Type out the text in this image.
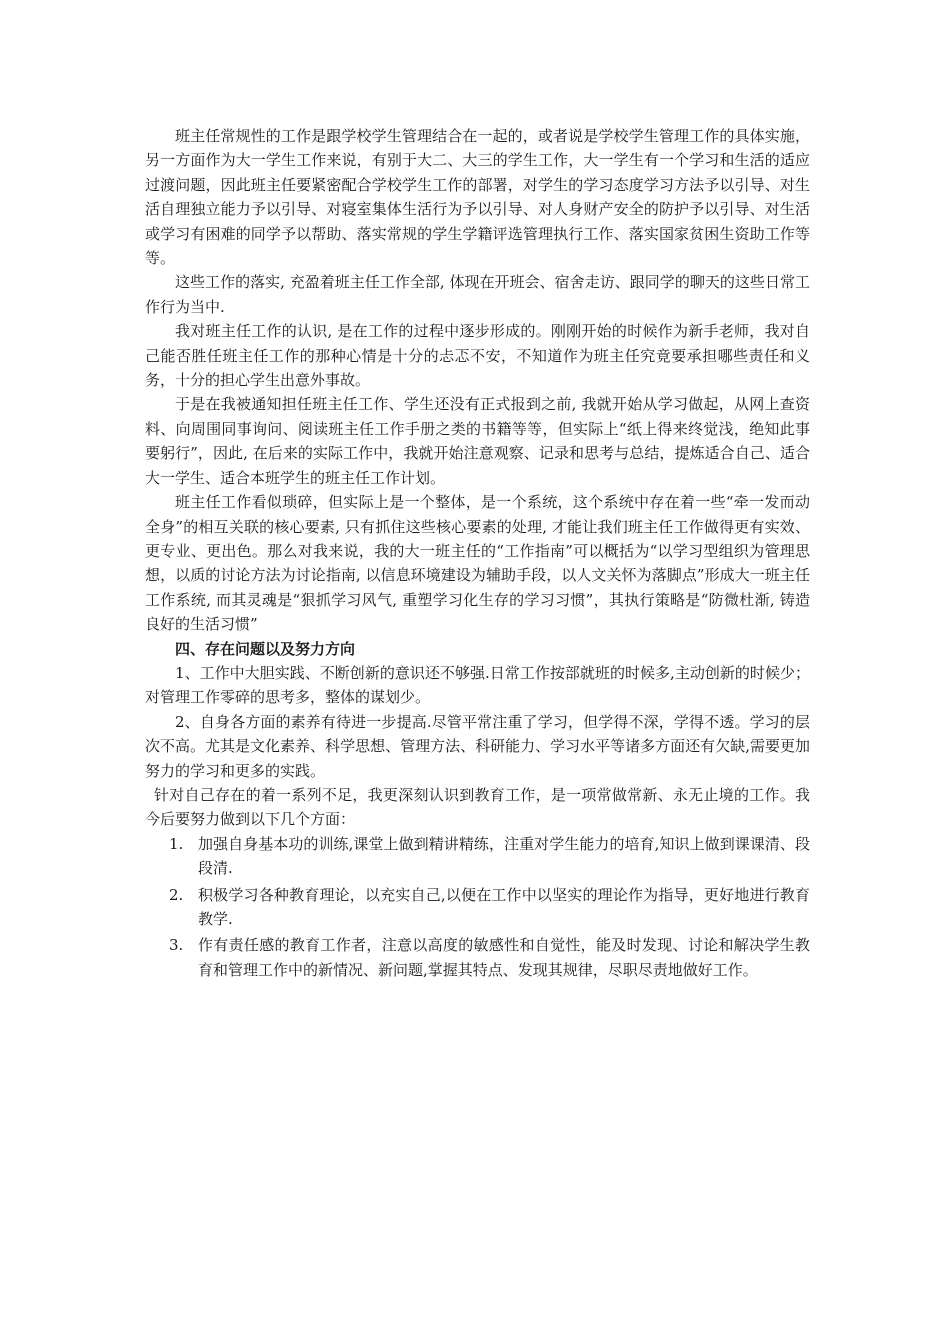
班主任常规性的工作是跟学校学生管理结合在一起的，或者说是学校学生管理工作的具体实施，另一方面作为大一学生工作来说，有别于大二、大三的学生工作，大一学生有一个学习和生活的适应过渡问题，因此班主任要紧密配合学校学生工作的部署，对学生的学习态度学习方法予以引导、对生活自理独立能力予以引导、对寝室集体生活行为予以引导、对人身财产安全的防护予以引导、对生活或学习有困难的同学予以帮助、落实常规的学生学籍评选管理执行工作、落实国家贫困生资助工作等等。

这些工作的落实, 充盈着班主任工作全部, 体现在开班会、宿舍走访、跟同学的聊天的这些日常工作行为当中.

我对班主任工作的认识, 是在工作的过程中逐步形成的。刚刚开始的时候作为新手老师，我对自己能否胜任班主任工作的那种心情是十分的忐忑不安，不知道作为班主任究竟要承担哪些责任和义务，十分的担心学生出意外事故。

于是在我被通知担任班主任工作、学生还没有正式报到之前, 我就开始从学习做起，从网上查资料、向周围同事询问、阅读班主任工作手册之类的书籍等等，但实际上“纸上得来终觉浅，绝知此事要躬行”，因此, 在后来的实际工作中，我就开始注意观察、记录和思考与总结，提炼适合自己、适合大一学生、适合本班学生的班主任工作计划。

班主任工作看似琐碎，但实际上是一个整体，是一个系统，这个系统中存在着一些“牵一发而动全身”的相互关联的核心要素, 只有抓住这些核心要素的处理, 才能让我们班主任工作做得更有实效、更专业、更出色。那么对我来说，我的大一班主任的“工作指南”可以概括为“以学习型组织为管理思想，以质的讨论方法为讨论指南, 以信息环境建设为辅助手段，以人文关怀为落脚点”形成大一班主任工作系统, 而其灵魂是“狠抓学习风气, 重塑学习化生存的学习习惯”，其执行策略是“防微杜渐, 铸造良好的生活习惯”

四、存在问题以及努力方向

1、工作中大胆实践、不断创新的意识还不够强.日常工作按部就班的时候多,主动创新的时候少；对管理工作零碎的思考多，整体的谋划少。

2、自身各方面的素养有待进一步提高.尽管平常注重了学习，但学得不深，学得不透。学习的层次不高。尤其是文化素养、科学思想、管理方法、科研能力、学习水平等诸多方面还有欠缺,需要更加努力的学习和更多的实践。

针对自己存在的着一系列不足，我更深刻认识到教育工作，是一项常做常新、永无止境的工作。我今后要努力做到以下几个方面：

1. 加强自身基本功的训练,课堂上做到精讲精练，注重对学生能力的培育,知识上做到课课清、段段清.
2. 积极学习各种教育理论，以充实自己,以便在工作中以坚实的理论作为指导，更好地进行教育教学.
3. 作有责任感的教育工作者，注意以高度的敏感性和自觉性，能及时发现、讨论和解决学生教育和管理工作中的新情况、新问题,掌握其特点、发现其规律，尽职尽责地做好工作。
